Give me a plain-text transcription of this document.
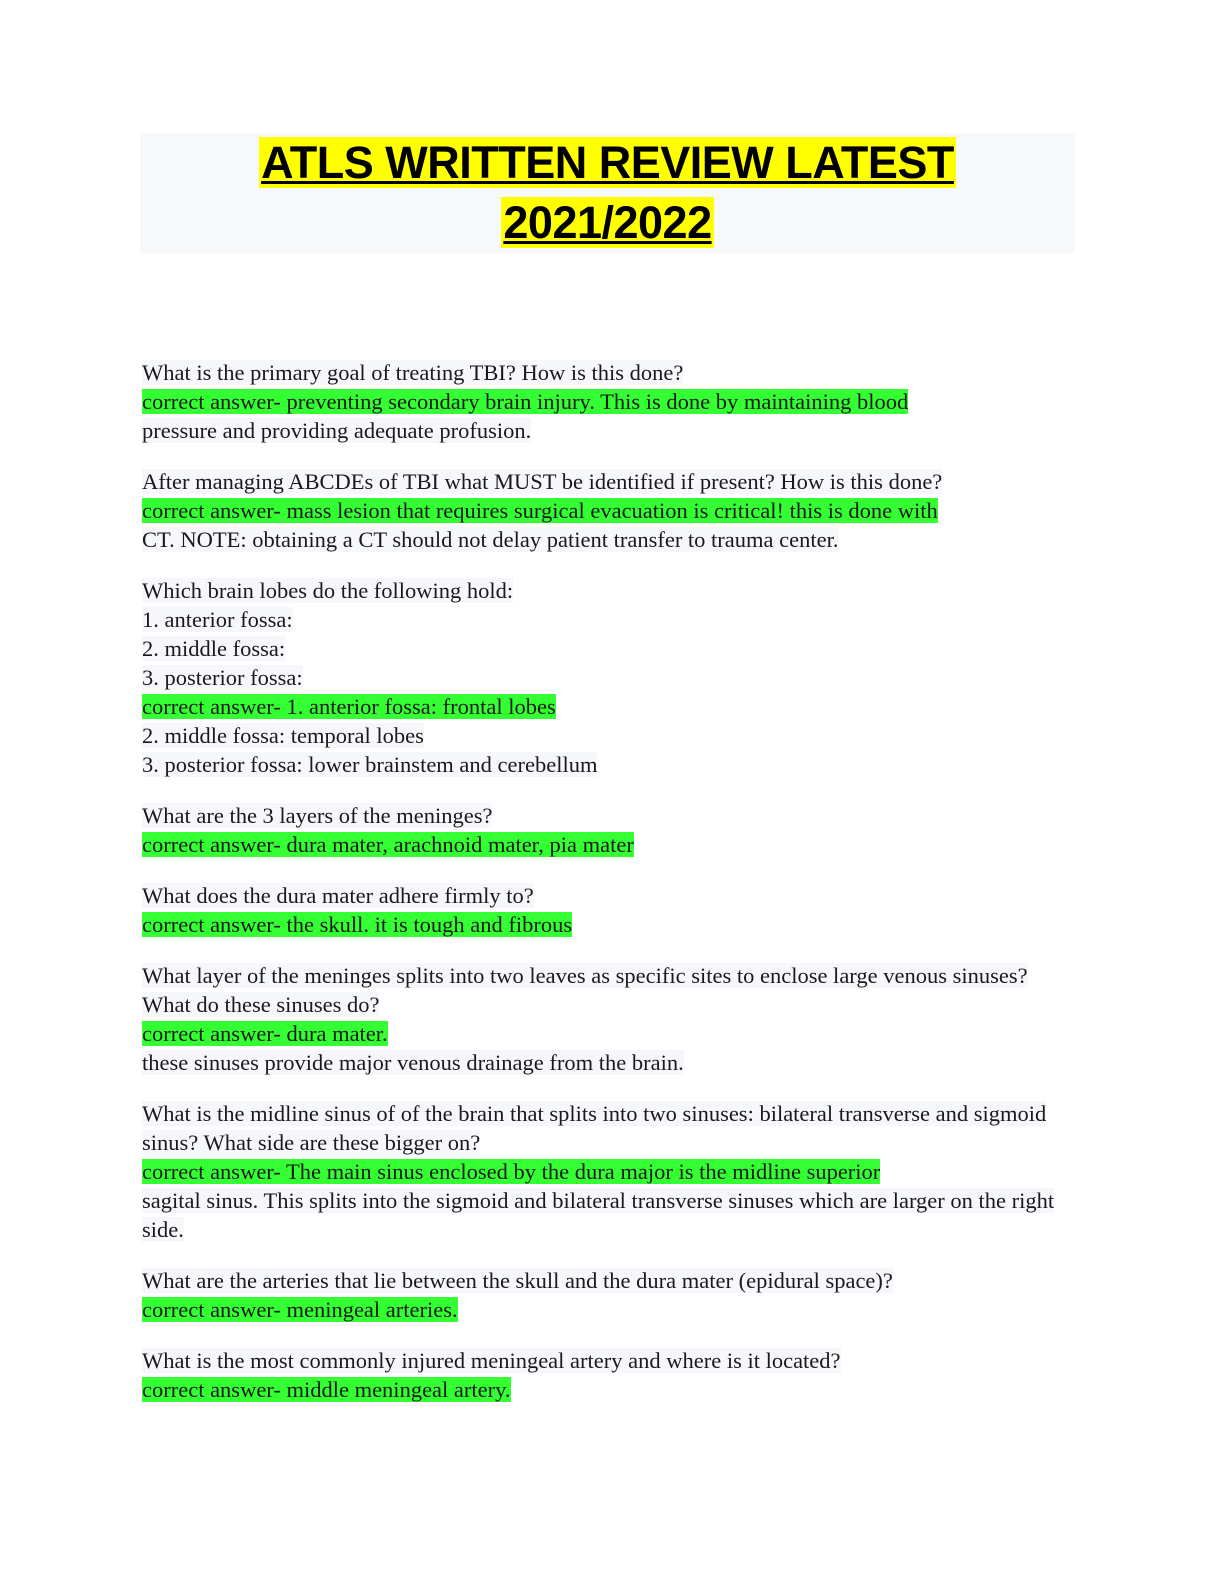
ATLS WRITTEN REVIEW LATEST
2021/2022
What is the primary goal of treating TBI? How is this done?
correct answer- preventing secondary brain injury. This is done by maintaining blood
pressure and providing adequate profusion.
After managing ABCDEs of TBI what MUST be identified if present? How is this done?
correct answer- mass lesion that requires surgical evacuation is critical! this is done with
CT. NOTE: obtaining a CT should not delay patient transfer to trauma center.
Which brain lobes do the following hold:
1. anterior fossa:
2. middle fossa:
3. posterior fossa:
correct answer- 1. anterior fossa: frontal lobes
2. middle fossa: temporal lobes
3. posterior fossa: lower brainstem and cerebellum
What are the 3 layers of the meninges?
correct answer- dura mater, arachnoid mater, pia mater
What does the dura mater adhere firmly to?
correct answer- the skull. it is tough and fibrous
What layer of the meninges splits into two leaves as specific sites to enclose large venous sinuses? What do these sinuses do?
correct answer- dura mater.
these sinuses provide major venous drainage from the brain.
What is the midline sinus of of the brain that splits into two sinuses: bilateral transverse and sigmoid sinus? What side are these bigger on?
correct answer- The main sinus enclosed by the dura major is the midline superior
sagital sinus. This splits into the sigmoid and bilateral transverse sinuses which are larger on the right side.
What are the arteries that lie between the skull and the dura mater (epidural space)?
correct answer- meningeal arteries.
What is the most commonly injured meningeal artery and where is it located?
correct answer- middle meningeal artery.
